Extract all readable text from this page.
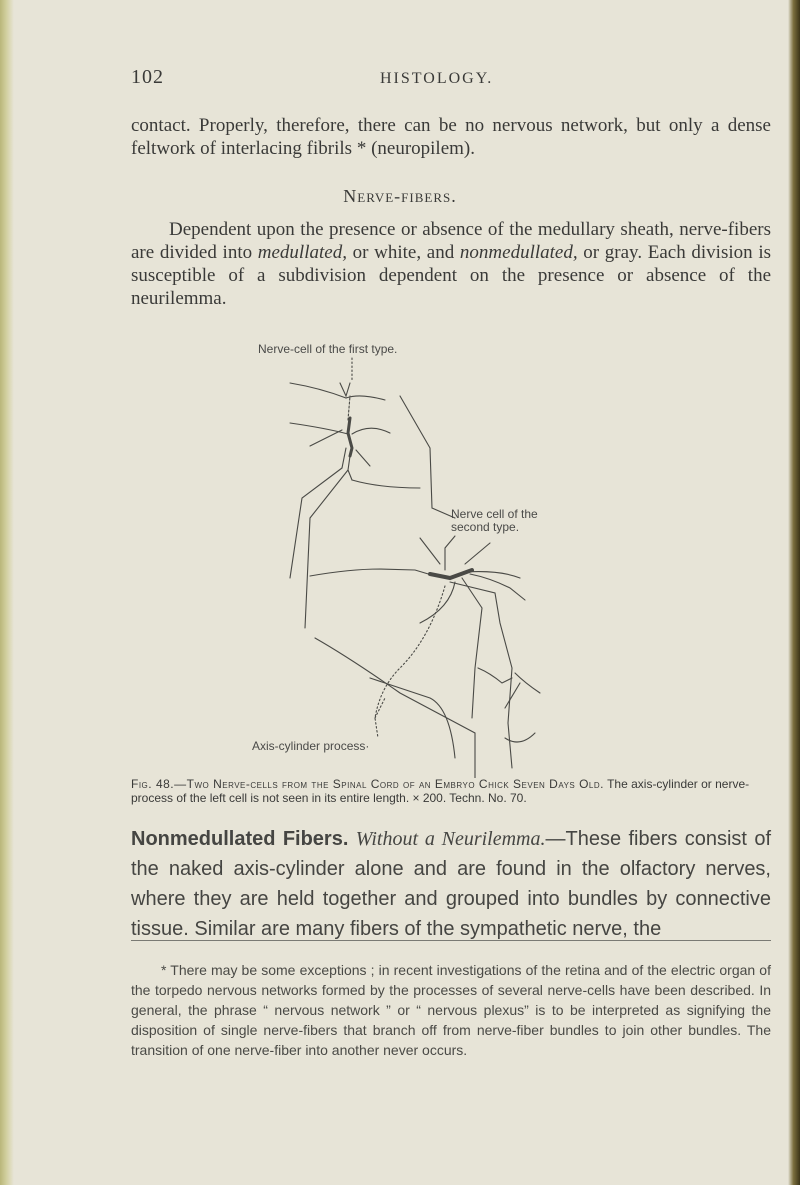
102	HISTOLOGY.

contact. Properly, therefore, there can be no nervous network, but only a dense feltwork of interlacing fibrils * (neuropilem).

Nerve-fibers.

Dependent upon the presence or absence of the medullary sheath, nerve-fibers are divided into medullated, or white, and nonmedullated, or gray. Each division is susceptible of a subdivision dependent on the presence or absence of the neurilemma.

Nerve-cell of the first type.
Nerve cell of the second type.
Axis-cylinder process·

Fig. 48.—Two Nerve-cells from the Spinal Cord of an Embryo Chick Seven Days Old. The axis-cylinder or nerve-process of the left cell is not seen in its entire length. × 200. Techn. No. 70.

Nonmedullated Fibers. Without a Neurilemma.—These fibers consist of the naked axis-cylinder alone and are found in the olfactory nerves, where they are held together and grouped into bundles by connective tissue. Similar are many fibers of the sympathetic nerve, the

* There may be some exceptions ; in recent investigations of the retina and of the electric organ of the torpedo nervous networks formed by the processes of several nerve-cells have been described. In general, the phrase “ nervous network ” or “ nervous plexus” is to be interpreted as signifying the disposition of single nerve-fibers that branch off from nerve-fiber bundles to join other bundles. The transition of one nerve-fiber into another never occurs.
